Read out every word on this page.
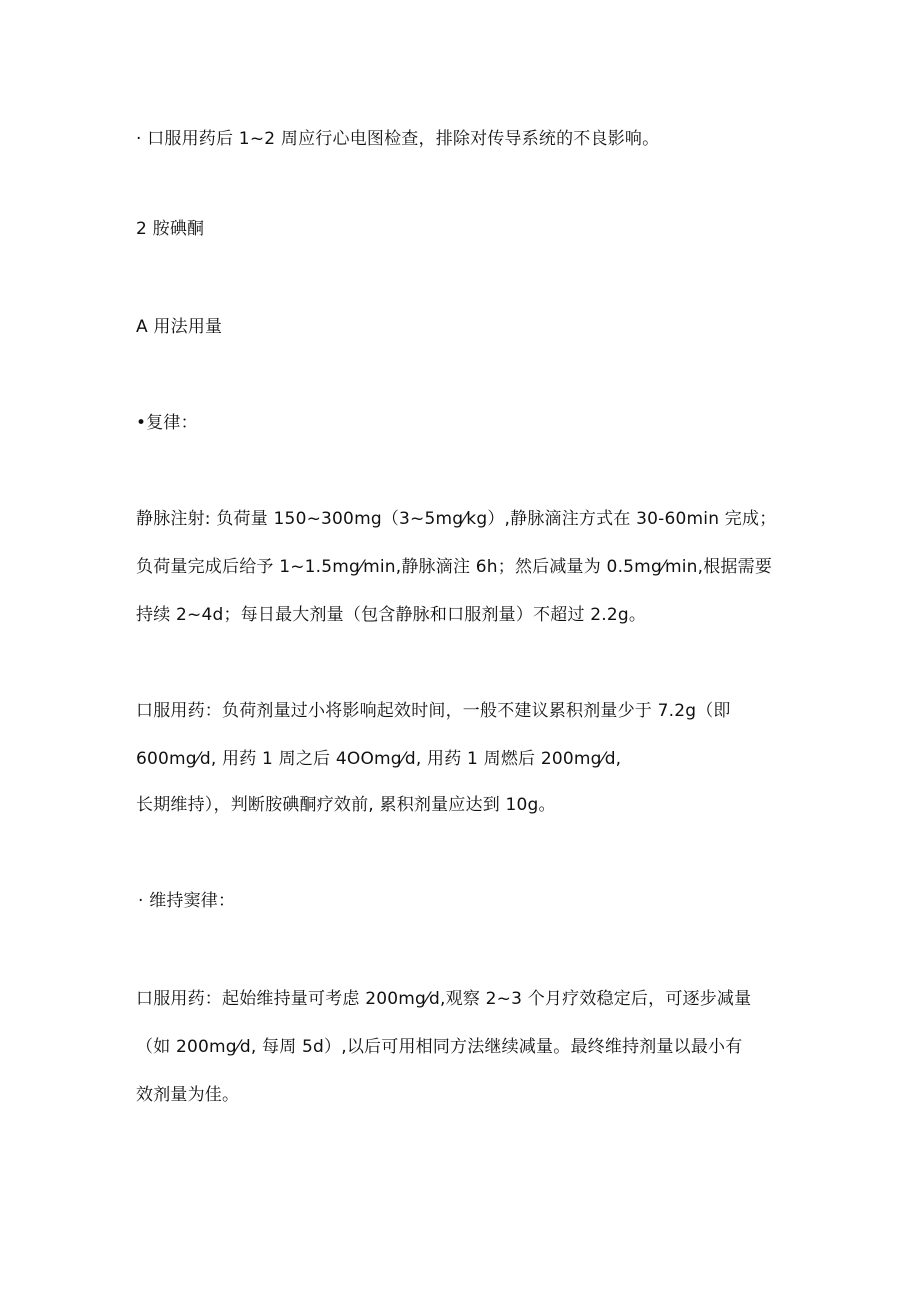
· 口服用药后 1~2 周应行心电图检查，排除对传导系统的不良影响。
2 胺碘酮
A 用法用量
•复律：
静脉注射: 负荷量 150~300mg（3~5mg⁄kg）,静脉滴注方式在 30-60min 完成；
负荷量完成后给予 1~1.5mg⁄min,静脉滴注 6h；然后减量为 0.5mg⁄min,根据需要
持续 2~4d；每日最大剂量（包含静脉和口服剂量）不超过 2.2g。
口服用药：负荷剂量过小将影响起效时间，一般不建议累积剂量少于 7.2g（即
600mg⁄d, 用药 1 周之后 4OOmg⁄d, 用药 1 周燃后 200mg⁄d,
长期维持），判断胺碘酮疗效前, 累积剂量应达到 10g。
· 维持窦律：
口服用药：起始维持量可考虑 200mg⁄d,观察 2~3 个月疗效稳定后，可逐步减量
（如 200mg⁄d, 每周 5d）,以后可用相同方法继续减量。最终维持剂量以最小有
效剂量为佳。
